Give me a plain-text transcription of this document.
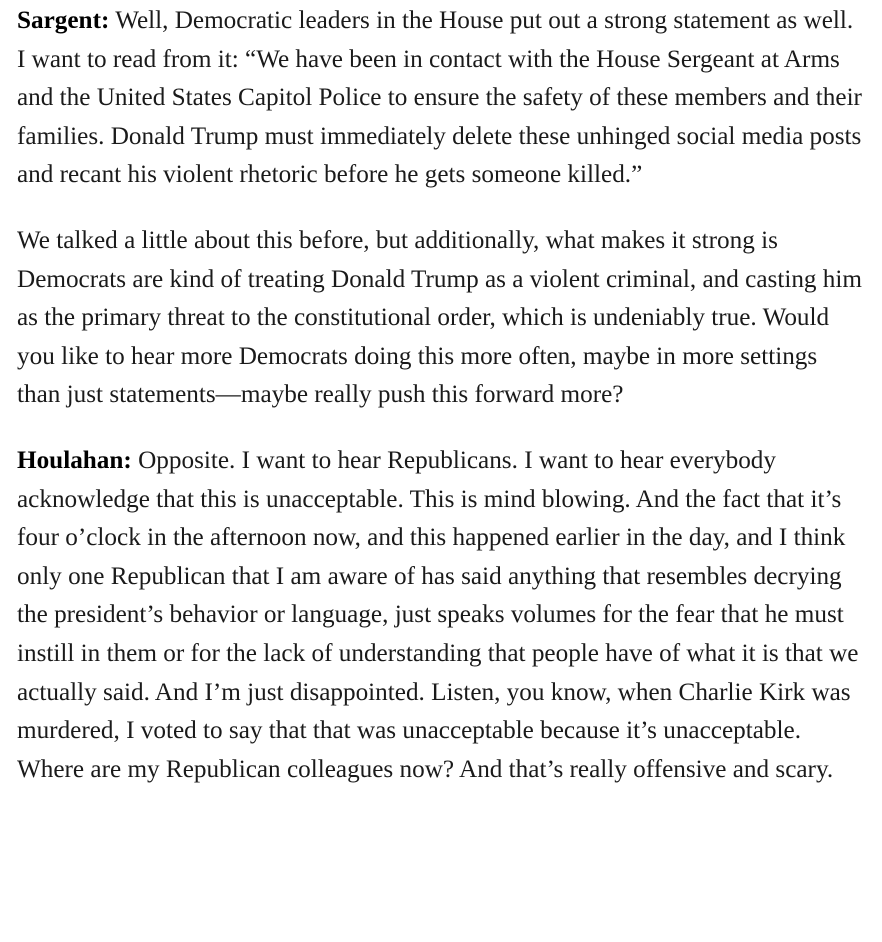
Sargent: Well, Democratic leaders in the House put out a strong statement as well. I want to read from it: “We have been in contact with the House Sergeant at Arms and the United States Capitol Police to ensure the safety of these members and their families. Donald Trump must immediately delete these unhinged social media posts and recant his violent rhetoric before he gets someone killed.”

We talked a little about this before, but additionally, what makes it strong is Democrats are kind of treating Donald Trump as a violent criminal, and casting him as the primary threat to the constitutional order, which is undeniably true. Would you like to hear more Democrats doing this more often, maybe in more settings than just statements—maybe really push this forward more?

Houlahan: Opposite. I want to hear Republicans. I want to hear everybody acknowledge that this is unacceptable. This is mind blowing. And the fact that it’s four o’clock in the afternoon now, and this happened earlier in the day, and I think only one Republican that I am aware of has said anything that resembles decrying the president’s behavior or language, just speaks volumes for the fear that he must instill in them or for the lack of understanding that people have of what it is that we actually said. And I’m just disappointed. Listen, you know, when Charlie Kirk was murdered, I voted to say that that was unacceptable because it’s unacceptable. Where are my Republican colleagues now? And that’s really offensive and scary.
